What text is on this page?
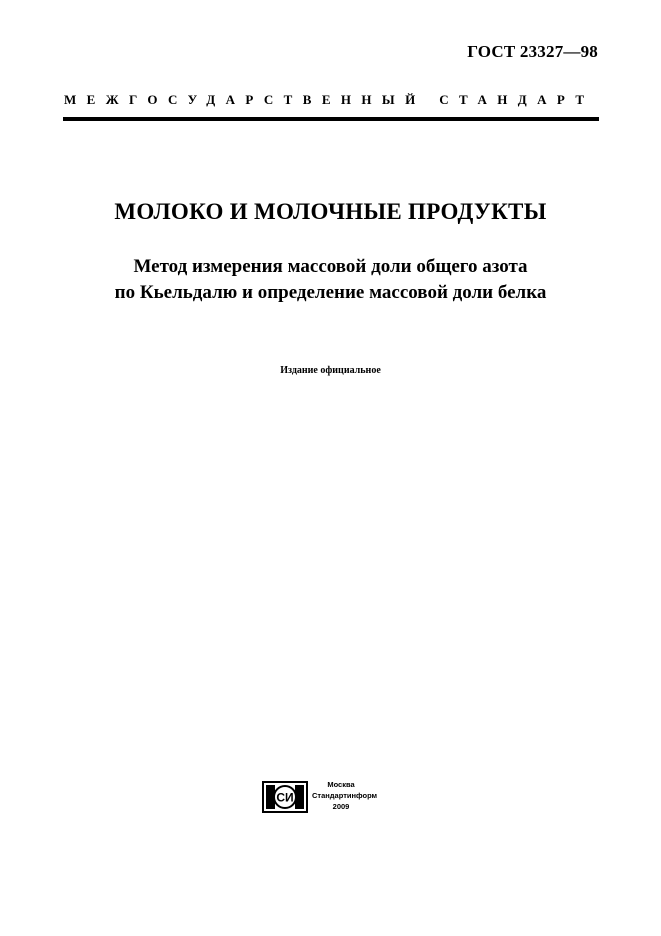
ГОСТ 23327—98
МЕЖГОСУДАРСТВЕННЫЙ СТАНДАРТ
МОЛОКО И МОЛОЧНЫЕ ПРОДУКТЫ
Метод измерения массовой доли общего азота
по Кьельдалю и определение массовой доли белка
Издание официальное
СИ
Москва
Стандартинформ
2009
